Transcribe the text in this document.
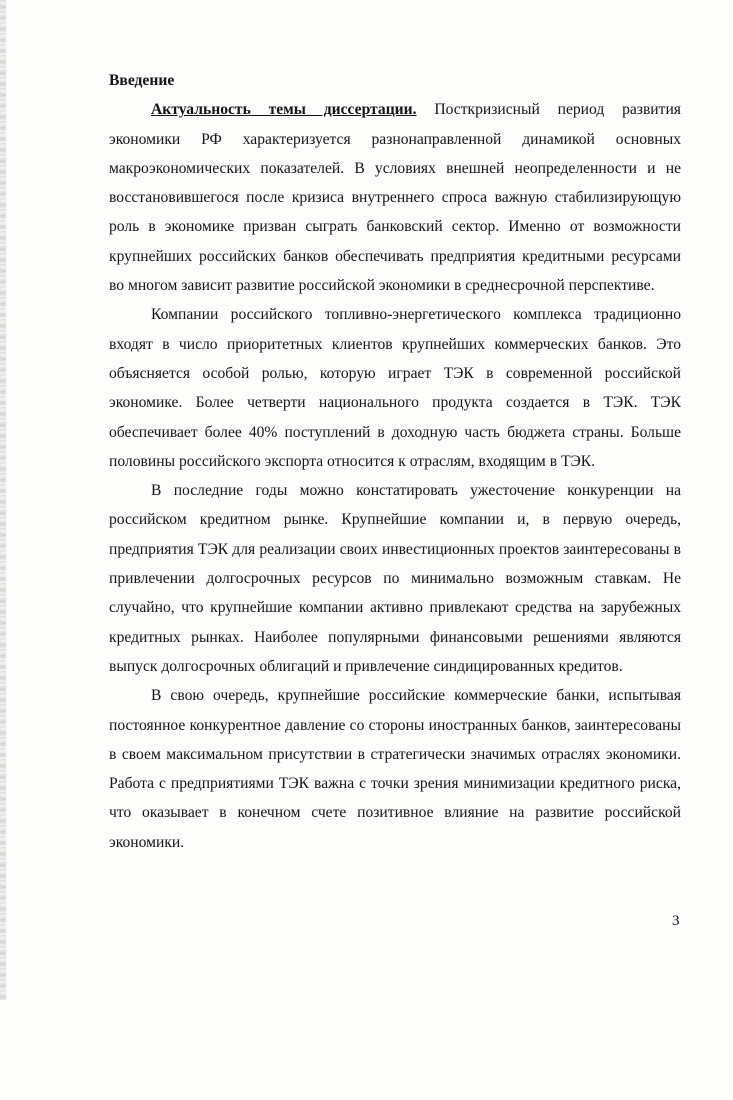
Введение

Актуальность темы диссертации. Посткризисный период развития экономики РФ характеризуется разнонаправленной динамикой основных макроэкономических показателей. В условиях внешней неопределенности и не восстановившегося после кризиса внутреннего спроса важную стабилизирующую роль в экономике призван сыграть банковский сектор. Именно от возможности крупнейших российских банков обеспечивать предприятия кредитными ресурсами во многом зависит развитие российской экономики в среднесрочной перспективе.

Компании российского топливно-энергетического комплекса традиционно входят в число приоритетных клиентов крупнейших коммерческих банков. Это объясняется особой ролью, которую играет ТЭК в современной российской экономике. Более четверти национального продукта создается в ТЭК. ТЭК обеспечивает более 40% поступлений в доходную часть бюджета страны. Больше половины российского экспорта относится к отраслям, входящим в ТЭК.

В последние годы можно констатировать ужесточение конкуренции на российском кредитном рынке. Крупнейшие компании и, в первую очередь, предприятия ТЭК для реализации своих инвестиционных проектов заинтересованы в привлечении долгосрочных ресурсов по минимально возможным ставкам. Не случайно, что крупнейшие компании активно привлекают средства на зарубежных кредитных рынках. Наиболее популярными финансовыми решениями являются выпуск долгосрочных облигаций и привлечение синдицированных кредитов.

В свою очередь, крупнейшие российские коммерческие банки, испытывая постоянное конкурентное давление со стороны иностранных банков, заинтересованы в своем максимальном присутствии в стратегически значимых отраслях экономики. Работа с предприятиями ТЭК важна с точки зрения минимизации кредитного риска, что оказывает в конечном счете позитивное влияние на развитие российской экономики.

3
